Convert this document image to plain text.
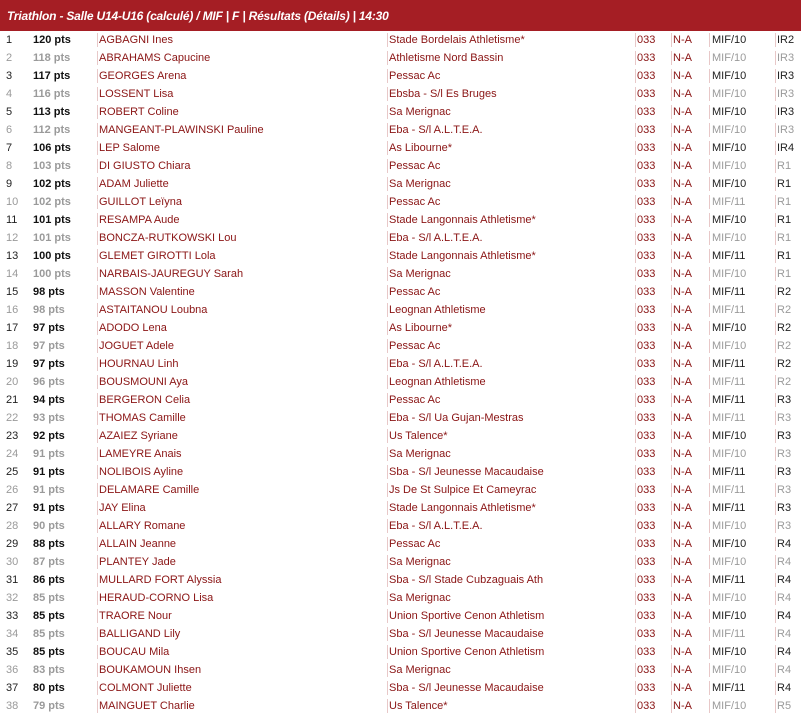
Triathlon - Salle U14-U16 (calculé) / MIF | F | Résultats (Détails) | 14:30
1	120 pts	AGBAGNI Ines	Stade Bordelais Athletisme*	033	N-A	MIF/10	IR2
2	118 pts	ABRAHAMS Capucine	Athletisme Nord Bassin	033	N-A	MIF/10	IR3
3	117 pts	GEORGES Arena	Pessac Ac	033	N-A	MIF/10	IR3
4	116 pts	LOSSENT Lisa	Ebsba - S/l Es Bruges	033	N-A	MIF/10	IR3
5	113 pts	ROBERT Coline	Sa Merignac	033	N-A	MIF/10	IR3
6	112 pts	MANGEANT-PLAWINSKI Pauline	Eba - S/l A.L.T.E.A.	033	N-A	MIF/10	IR3
7	106 pts	LEP Salome	As Libourne*	033	N-A	MIF/10	IR4
8	103 pts	DI GIUSTO Chiara	Pessac Ac	033	N-A	MIF/10	R1
9	102 pts	ADAM Juliette	Sa Merignac	033	N-A	MIF/10	R1
10	102 pts	GUILLOT Leïyna	Pessac Ac	033	N-A	MIF/11	R1
11	101 pts	RESAMPA Aude	Stade Langonnais Athletisme*	033	N-A	MIF/10	R1
12	101 pts	BONCZA-RUTKOWSKI Lou	Eba - S/l A.L.T.E.A.	033	N-A	MIF/10	R1
13	100 pts	GLEMET GIROTTI Lola	Stade Langonnais Athletisme*	033	N-A	MIF/11	R1
14	100 pts	NARBAIS-JAUREGUY Sarah	Sa Merignac	033	N-A	MIF/10	R1
15	98 pts	MASSON Valentine	Pessac Ac	033	N-A	MIF/11	R2
16	98 pts	ASTAITANOU Loubna	Leognan Athletisme	033	N-A	MIF/11	R2
17	97 pts	ADODO Lena	As Libourne*	033	N-A	MIF/10	R2
18	97 pts	JOGUET Adele	Pessac Ac	033	N-A	MIF/10	R2
19	97 pts	HOURNAU Linh	Eba - S/l A.L.T.E.A.	033	N-A	MIF/11	R2
20	96 pts	BOUSMOUNI Aya	Leognan Athletisme	033	N-A	MIF/11	R2
21	94 pts	BERGERON Celia	Pessac Ac	033	N-A	MIF/11	R3
22	93 pts	THOMAS Camille	Eba - S/l Ua Gujan-Mestras	033	N-A	MIF/11	R3
23	92 pts	AZAIEZ Syriane	Us Talence*	033	N-A	MIF/10	R3
24	91 pts	LAMEYRE Anais	Sa Merignac	033	N-A	MIF/10	R3
25	91 pts	NOLIBOIS Ayline	Sba - S/l Jeunesse Macaudaise	033	N-A	MIF/11	R3
26	91 pts	DELAMARE Camille	Js De St Sulpice Et Cameyrac	033	N-A	MIF/11	R3
27	91 pts	JAY Elina	Stade Langonnais Athletisme*	033	N-A	MIF/11	R3
28	90 pts	ALLARY Romane	Eba - S/l A.L.T.E.A.	033	N-A	MIF/10	R3
29	88 pts	ALLAIN Jeanne	Pessac Ac	033	N-A	MIF/10	R4
30	87 pts	PLANTEY Jade	Sa Merignac	033	N-A	MIF/10	R4
31	86 pts	MULLARD FORT Alyssia	Sba - S/l Stade Cubzaguais Ath	033	N-A	MIF/11	R4
32	85 pts	HERAUD-CORNO Lisa	Sa Merignac	033	N-A	MIF/10	R4
33	85 pts	TRAORE Nour	Union Sportive Cenon Athletism	033	N-A	MIF/10	R4
34	85 pts	BALLIGAND Lily	Sba - S/l Jeunesse Macaudaise	033	N-A	MIF/11	R4
35	85 pts	BOUCAU Mila	Union Sportive Cenon Athletism	033	N-A	MIF/10	R4
36	83 pts	BOUKAMOUN Ihsen	Sa Merignac	033	N-A	MIF/10	R4
37	80 pts	COLMONT Juliette	Sba - S/l Jeunesse Macaudaise	033	N-A	MIF/11	R4
38	79 pts	MAINGUET Charlie	Us Talence*	033	N-A	MIF/10	R5
